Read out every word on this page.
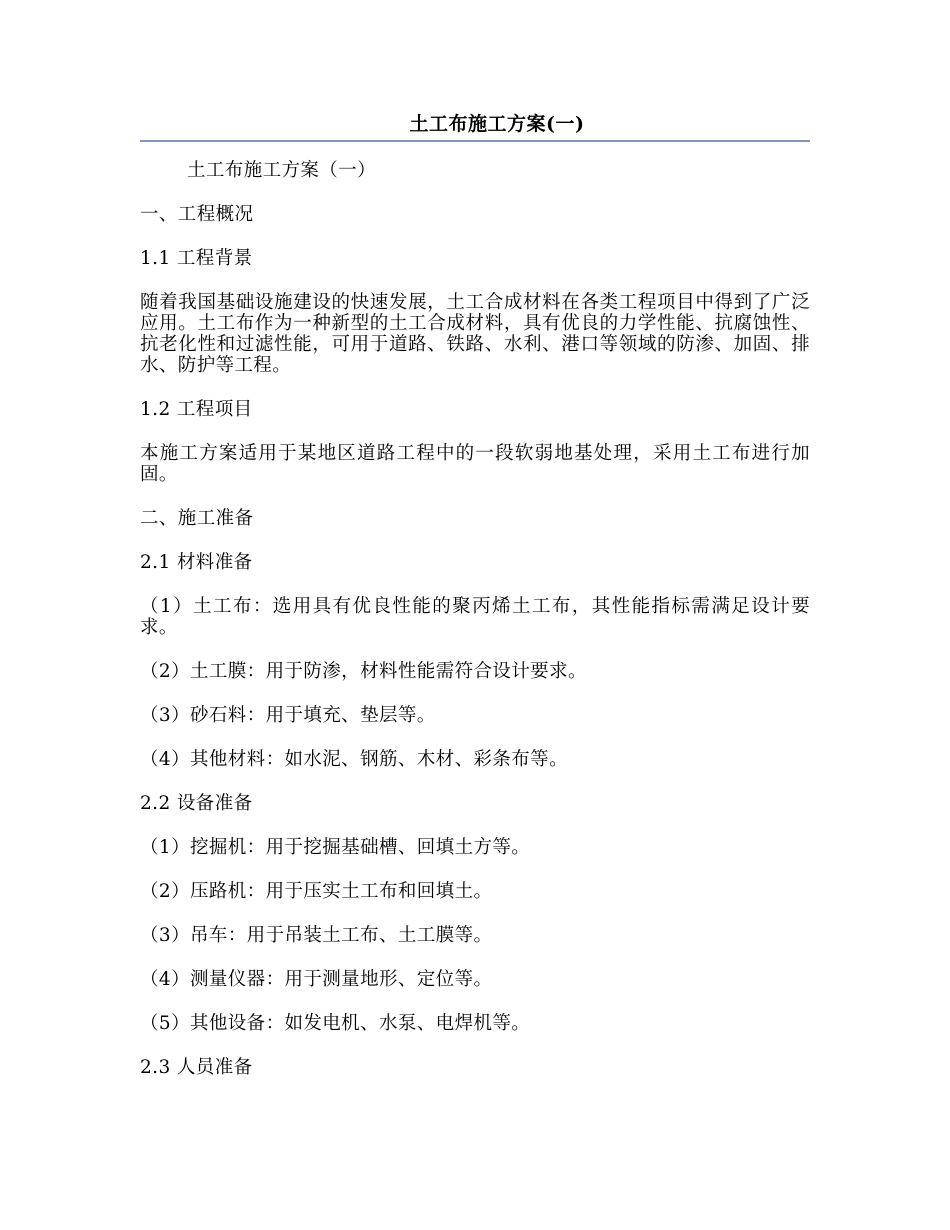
土工布施工方案(一)

土工布施工方案（一）

一、工程概况

1.1 工程背景

随着我国基础设施建设的快速发展，土工合成材料在各类工程项目中得到了广泛应用。土工布作为一种新型的土工合成材料，具有优良的力学性能、抗腐蚀性、抗老化性和过滤性能，可用于道路、铁路、水利、港口等领域的防渗、加固、排水、防护等工程。

1.2 工程项目

本施工方案适用于某地区道路工程中的一段软弱地基处理，采用土工布进行加固。

二、施工准备

2.1 材料准备

（1）土工布：选用具有优良性能的聚丙烯土工布，其性能指标需满足设计要求。

（2）土工膜：用于防渗，材料性能需符合设计要求。

（3）砂石料：用于填充、垫层等。

（4）其他材料：如水泥、钢筋、木材、彩条布等。

2.2 设备准备

（1）挖掘机：用于挖掘基础槽、回填土方等。

（2）压路机：用于压实土工布和回填土。

（3）吊车：用于吊装土工布、土工膜等。

（4）测量仪器：用于测量地形、定位等。

（5）其他设备：如发电机、水泵、电焊机等。

2.3 人员准备
